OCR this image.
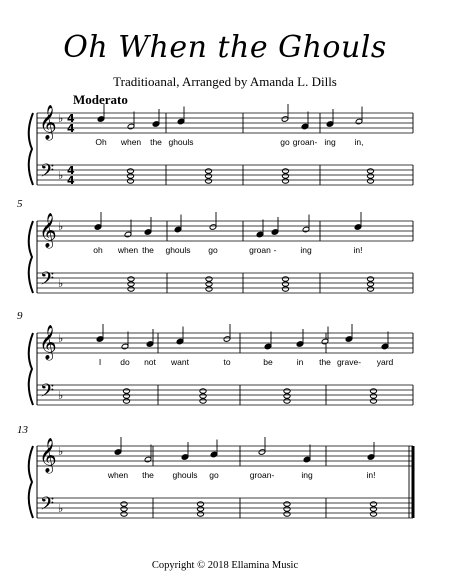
Oh When the Ghouls
Traditioanal, Arranged by Amanda L. Dills
Moderato
5
9
13
𝄞
𝄢
♭
♭
4
4
4
4
Oh when the ghouls	go groan- ing in,
𝄞
𝄢
♭
♭
oh when the ghouls go	groan -	ing	in!
𝄞
𝄢
♭
♭
I do not want	to	be	in the grave- yard
𝄞
𝄢
♭
♭
when the ghouls go	groan-	ing	in!
Copyright © 2018 Ellamina Music
